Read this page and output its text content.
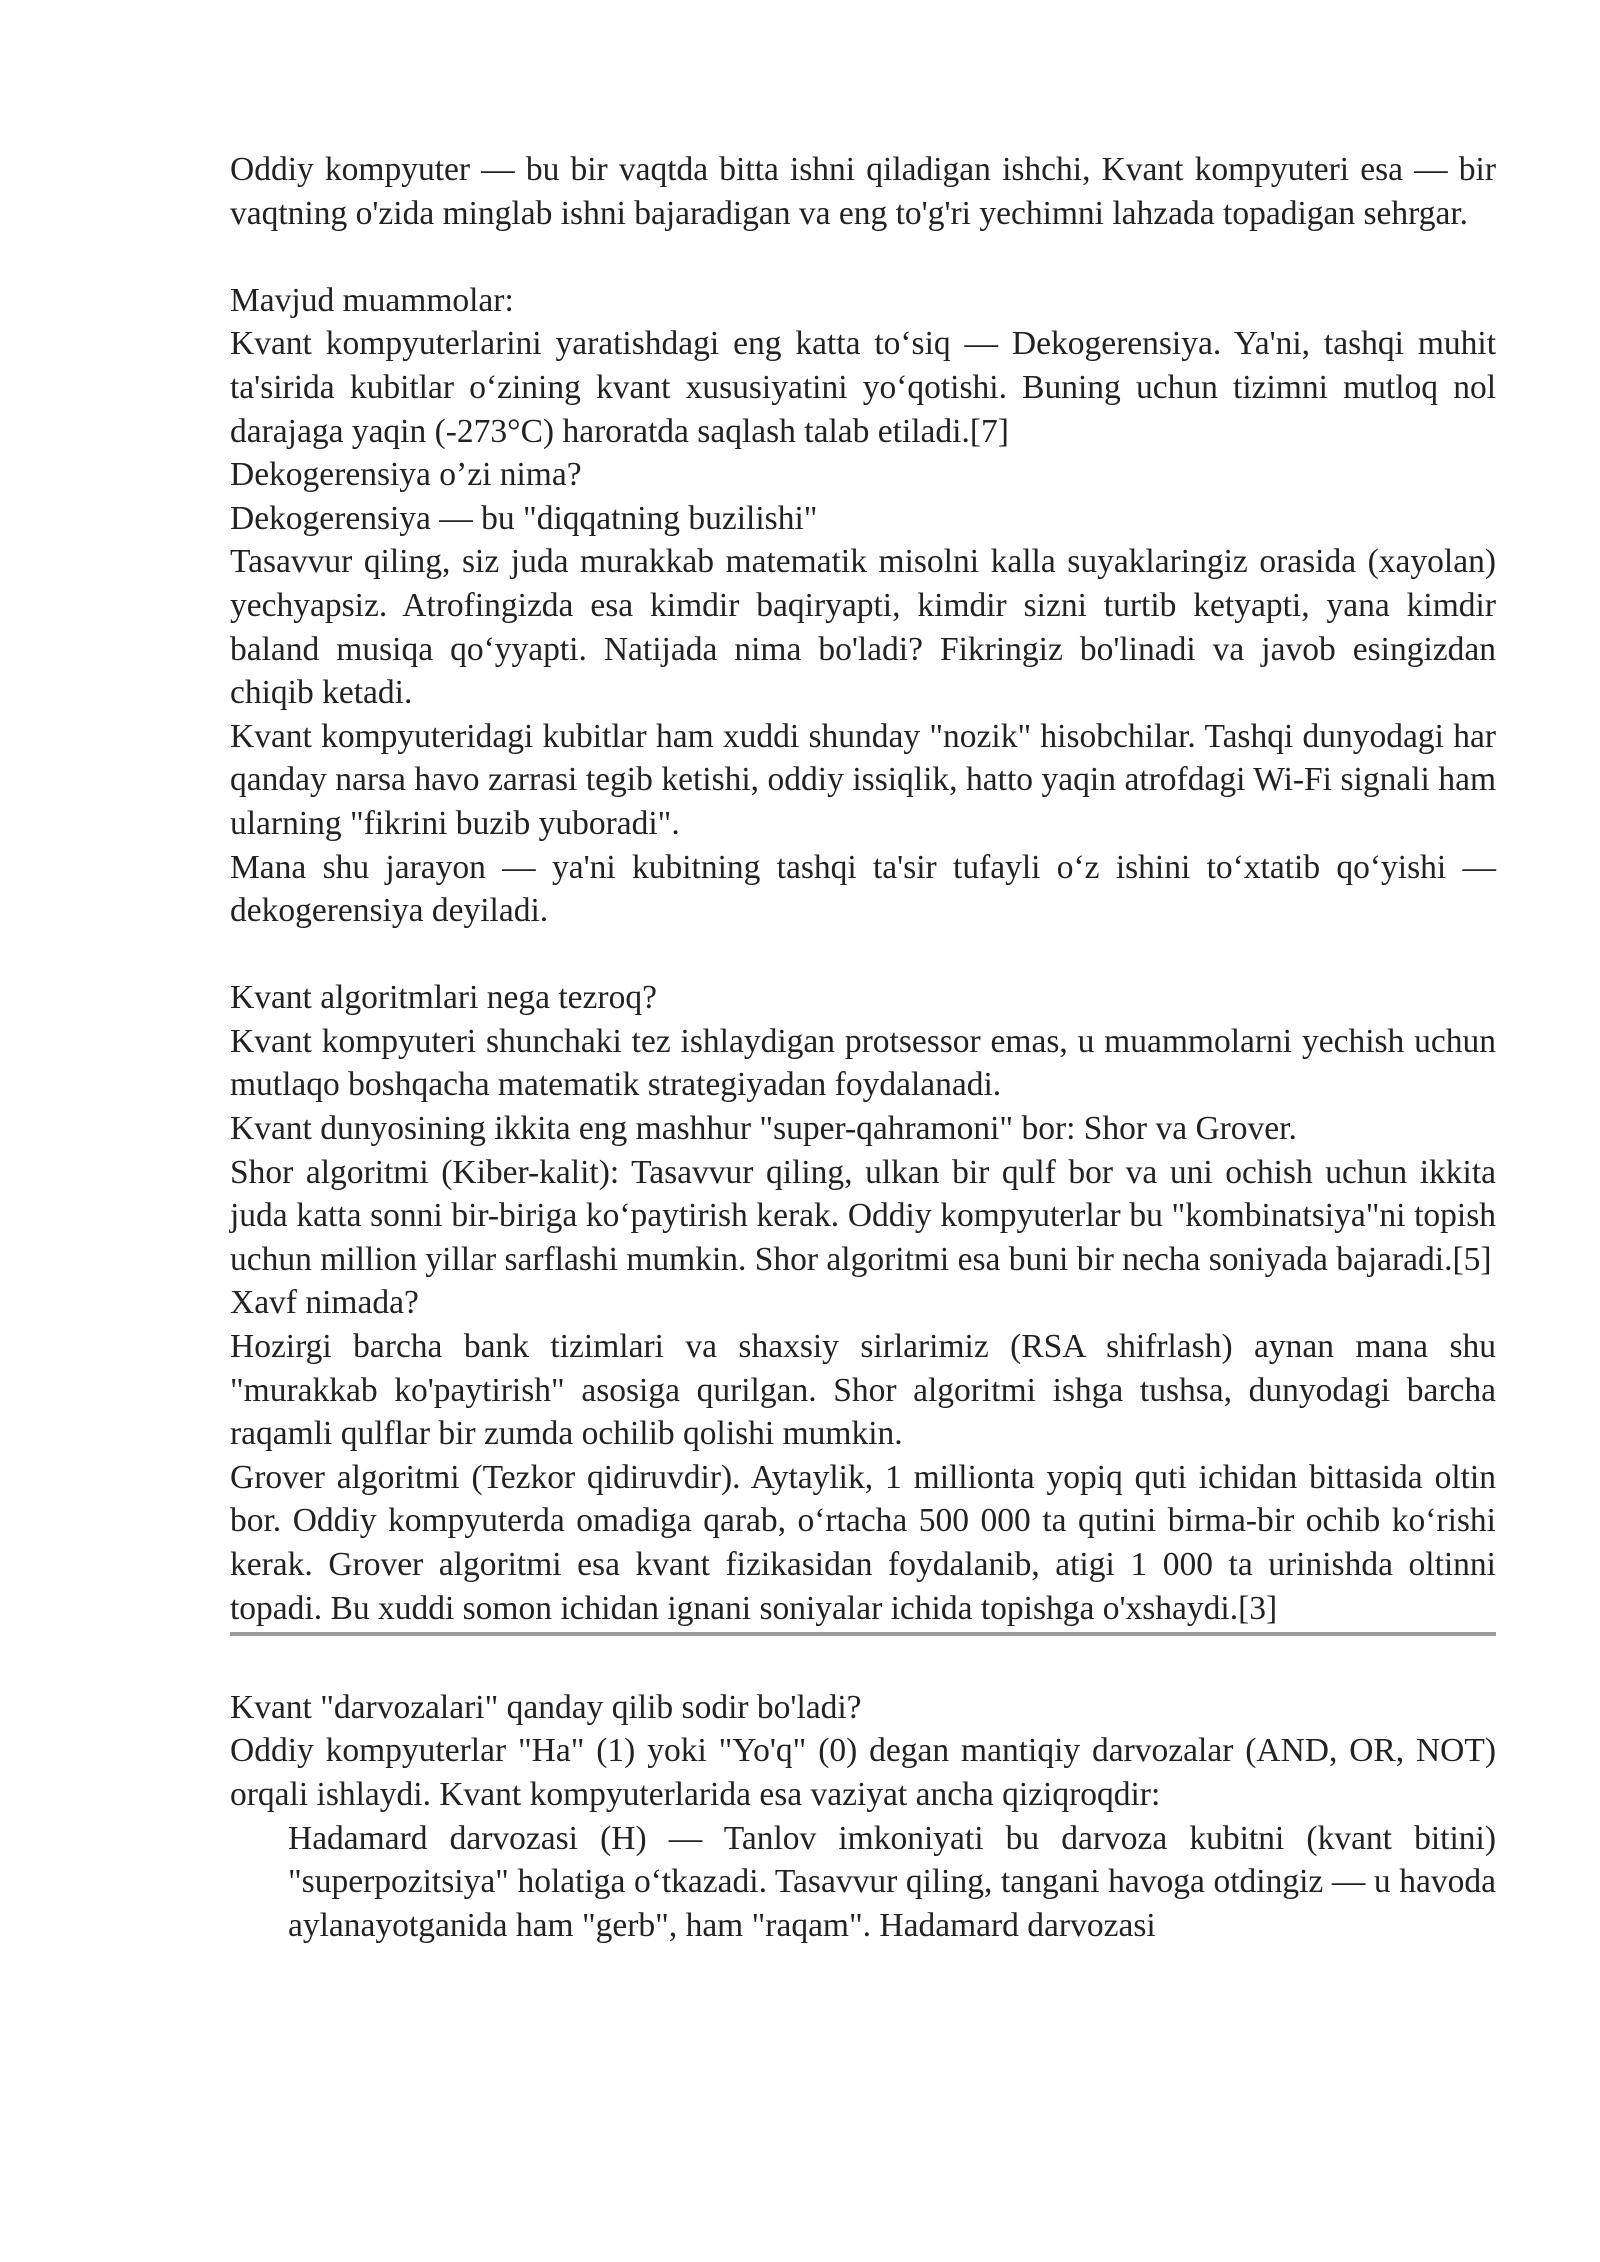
Oddiy kompyuter — bu bir vaqtda bitta ishni qiladigan ishchi, Kvant kompyuteri esa — bir vaqtning o'zida minglab ishni bajaradigan va eng to'g'ri yechimni lahzada topadigan sehrgar.

Mavjud muammolar:

Kvant kompyuterlarini yaratishdagi eng katta to‘siq — Dekogerensiya. Ya'ni, tashqi muhit ta'sirida kubitlar o‘zining kvant xususiyatini yo‘qotishi. Buning uchun tizimni mutloq nol darajaga yaqin (-273°C) haroratda saqlash talab etiladi.[7]

Dekogerensiya o’zi nima?

Dekogerensiya — bu "diqqatning buzilishi"

Tasavvur qiling, siz juda murakkab matematik misolni kalla suyaklaringiz orasida (xayolan) yechyapsiz. Atrofingizda esa kimdir baqiryapti, kimdir sizni turtib ketyapti, yana kimdir baland musiqa qo‘yyapti. Natijada nima bo'ladi? Fikringiz bo'linadi va javob esingizdan chiqib ketadi.

Kvant kompyuteridagi kubitlar ham xuddi shunday "nozik" hisobchilar. Tashqi dunyodagi har qanday narsa havo zarrasi tegib ketishi, oddiy issiqlik, hatto yaqin atrofdagi Wi-Fi signali ham ularning "fikrini buzib yuboradi".

Mana shu jarayon — ya'ni kubitning tashqi ta'sir tufayli o‘z ishini to‘xtatib qo‘yishi — dekogerensiya deyiladi.

Kvant algoritmlari nega tezroq?

Kvant kompyuteri shunchaki tez ishlaydigan protsessor emas, u muammolarni yechish uchun mutlaqo boshqacha matematik strategiyadan foydalanadi.

Kvant dunyosining ikkita eng mashhur "super-qahramoni" bor: Shor va Grover.

Shor algoritmi (Kiber-kalit): Tasavvur qiling, ulkan bir qulf bor va uni ochish uchun ikkita juda katta sonni bir-biriga ko‘paytirish kerak. Oddiy kompyuterlar bu "kombinatsiya"ni topish uchun million yillar sarflashi mumkin. Shor algoritmi esa buni bir necha soniyada bajaradi.[5]

Xavf nimada?

Hozirgi barcha bank tizimlari va shaxsiy sirlarimiz (RSA shifrlash) aynan mana shu "murakkab ko'paytirish" asosiga qurilgan. Shor algoritmi ishga tushsa, dunyodagi barcha raqamli qulflar bir zumda ochilib qolishi mumkin.

Grover algoritmi (Tezkor qidiruvdir). Aytaylik, 1 millionta yopiq quti ichidan bittasida oltin bor. Oddiy kompyuterda omadiga qarab, o‘rtacha 500 000 ta qutini birma-bir ochib ko‘rishi kerak. Grover algoritmi esa kvant fizikasidan foydalanib, atigi 1 000 ta urinishda oltinni topadi. Bu xuddi somon ichidan ignani soniyalar ichida topishga o'xshaydi.[3]

Kvant "darvozalari" qanday qilib sodir bo'ladi?

Oddiy kompyuterlar "Ha" (1) yoki "Yo'q" (0) degan mantiqiy darvozalar (AND, OR, NOT) orqali ishlaydi. Kvant kompyuterlarida esa vaziyat ancha qiziqroqdir:

Hadamard darvozasi (H) — Tanlov imkoniyati bu darvoza kubitni (kvant bitini) "superpozitsiya" holatiga o‘tkazadi. Tasavvur qiling, tangani havoga otdingiz — u havoda aylanayotganida ham "gerb", ham "raqam". Hadamard darvozasi
